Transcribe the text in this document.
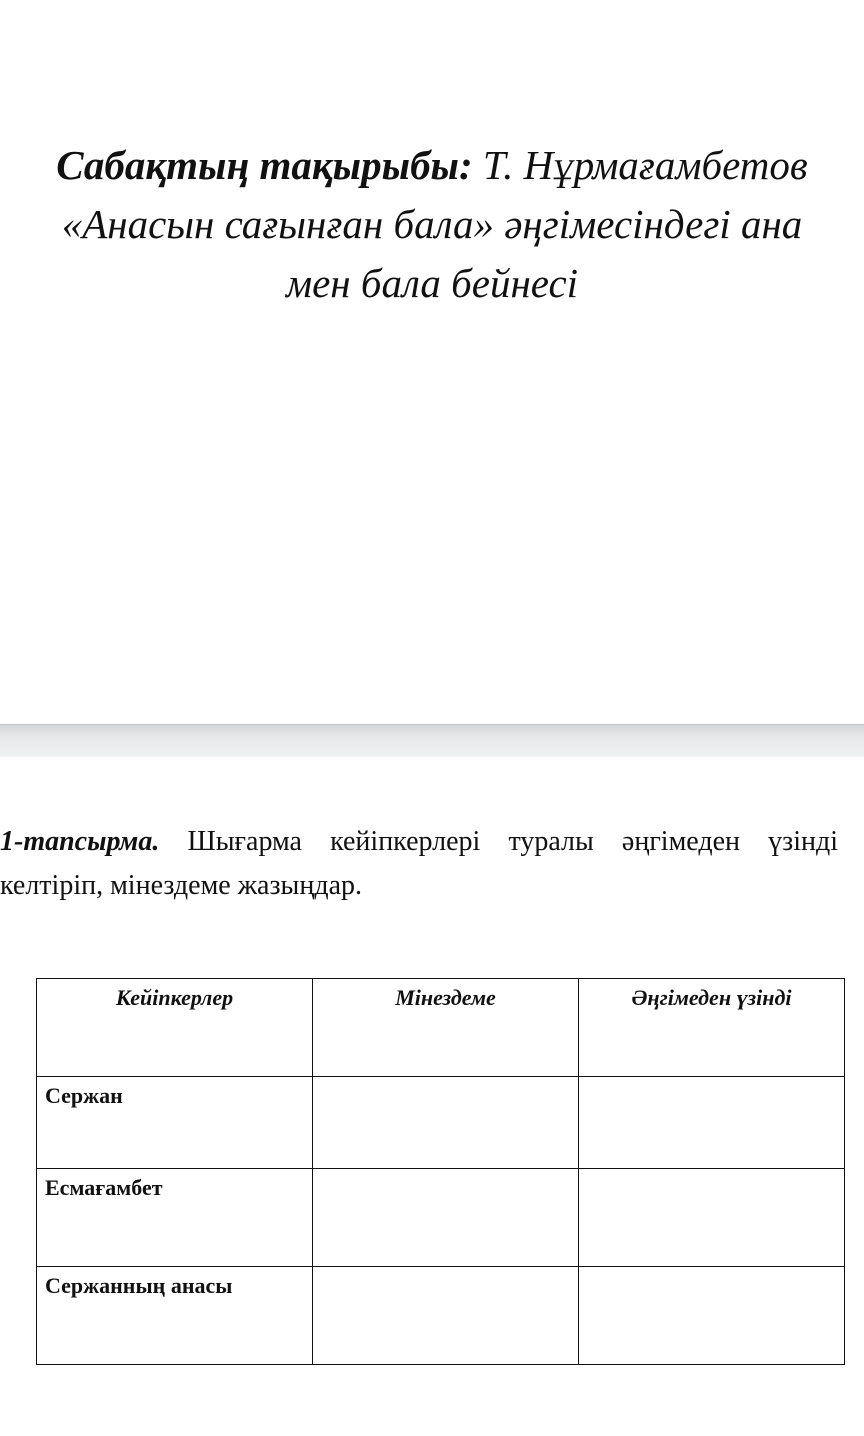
Сабақтың тақырыбы: Т. Нұрмағамбетов
«Анасын сағынған бала» әңгімесіндегі ана
мен бала бейнесі
1-тапсырма. Шығарма кейіпкерлері туралы әңгімеден үзінді келтіріп, мінездеме жазыңдар.
Кейіпкерлер	Мінездеме	Әңгімеден үзінді
Сержан		
Есмағамбет		
Сержанның анасы		
